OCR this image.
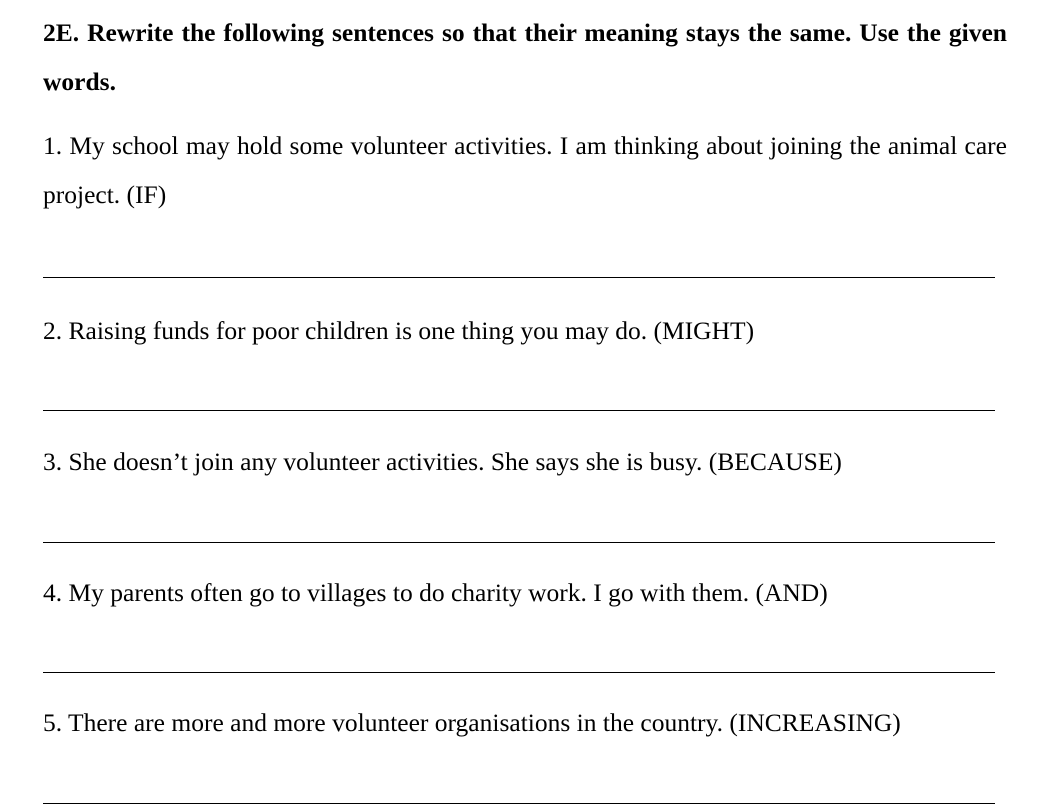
2E. Rewrite the following sentences so that their meaning stays the same. Use the given words.

1. My school may hold some volunteer activities. I am thinking about joining the animal care project. (IF)

2. Raising funds for poor children is one thing you may do. (MIGHT)

3. She doesn’t join any volunteer activities. She says she is busy. (BECAUSE)

4. My parents often go to villages to do charity work. I go with them. (AND)

5. There are more and more volunteer organisations in the country. (INCREASING)
